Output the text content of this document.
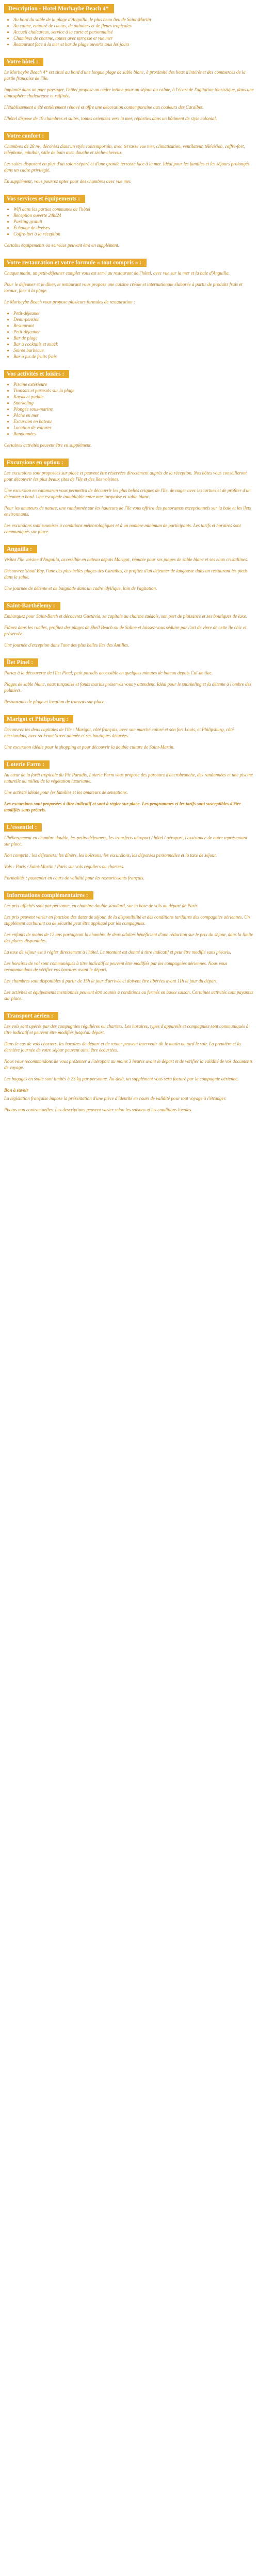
Description - Hotel Morbaybe Beach 4*
• Au bord du sable de la plage d'Anguilla, le plus beau lieu de Saint-Martin
• Au calme, entouré de cactus, de palmiers et de fleurs tropicales
• Accueil chaleureux, service à la carte et personnalisé
• Chambres de charme, toutes avec terrasse et vue mer
• Restaurant face à la mer et bar de plage ouverts tous les jours
Votre hôtel :

Le Morbaybe Beach 4* est situé au bord d'une longue plage de sable blanc, à proximité des lieux d'intérêt et des commerces de la partie française de l'île.

Implanté dans un parc paysager, l'hôtel propose un cadre intime pour un séjour au calme, à l'écart de l'agitation touristique, dans une atmosphère chaleureuse et raffinée.

L'établissement a été entièrement rénové et offre une décoration contemporaine aux couleurs des Caraïbes.

L'hôtel dispose de 19 chambres et suites, toutes orientées vers la mer, réparties dans un bâtiment de style colonial.

Votre confort :

Chambres de 28 m², décorées dans un style contemporain, avec terrasse vue mer, climatisation, ventilateur, télévision, coffre-fort, téléphone, minibar, salle de bain avec douche et sèche-cheveux.

Les suites disposent en plus d'un salon séparé et d'une grande terrasse face à la mer. Idéal pour les familles et les séjours prolongés dans un cadre privilégié.

En supplément, vous pourrez opter pour des chambres avec vue mer.

Vos services et équipements :
• Wifi dans les parties communes de l'hôtel
• Réception ouverte 24h/24
• Parking gratuit
• Échange de devises
• Coffre-fort à la réception

Certains équipements ou services peuvent être en supplément.

Votre restauration et votre formule « tout compris » :

Chaque matin, un petit-déjeuner complet vous est servi au restaurant de l'hôtel, avec vue sur la mer et la baie d'Anguilla.

Pour le déjeuner et le dîner, le restaurant vous propose une cuisine créole et internationale élaborée à partir de produits frais et locaux, face à la plage.

Le Morbaybe Beach vous propose plusieurs formules de restauration :

• Petit-déjeuner
• Demi-pension
• Restaurant
• Petit-déjeuner
• Bar de plage
• Bar à cocktails et snack
• Soirée barbecue
• Bar à jus de fruits frais
Vos activités et loisirs :
• Piscine extérieure
• Transats et parasols sur la plage
• Kayak et paddle
• Snorkeling
• Plongée sous-marine
• Pêche en mer
• Excursion en bateau
• Location de voitures
• Randonnées

Certaines activités peuvent être en supplément.

Excursions en option :

Les excursions sont proposées sur place et peuvent être réservées directement auprès de la réception. Nos hôtes vous conseilleront pour découvrir les plus beaux sites de l'île et des îles voisines.

Une excursion en catamaran vous permettra de découvrir les plus belles criques de l'île, de nager avec les tortues et de profiter d'un déjeuner à bord. Une escapade inoubliable entre mer turquoise et sable blanc.

Pour les amateurs de nature, une randonnée sur les hauteurs de l'île vous offrira des panoramas exceptionnels sur la baie et les îlets environnants.

Les excursions sont soumises à conditions météorologiques et à un nombre minimum de participants. Les tarifs et horaires sont communiqués sur place.

Anguilla :

Visitez l'île voisine d'Anguilla, accessible en bateau depuis Marigot, réputée pour ses plages de sable blanc et ses eaux cristallines.

Découvrez Shoal Bay, l'une des plus belles plages des Caraïbes, et profitez d'un déjeuner de langouste dans un restaurant les pieds dans le sable.

Une journée de détente et de baignade dans un cadre idyllique, loin de l'agitation.

Saint-Barthélemy :

Embarquez pour Saint-Barth et découvrez Gustavia, sa capitale au charme suédois, son port de plaisance et ses boutiques de luxe.

Flânez dans les ruelles, profitez des plages de Shell Beach ou de Saline et laissez-vous séduire par l'art de vivre de cette île chic et préservée.

Une journée d'exception dans l'une des plus belles îles des Antilles.

Îlet Pinel :

Partez à la découverte de l'îlet Pinel, petit paradis accessible en quelques minutes de bateau depuis Cul-de-Sac.

Plages de sable blanc, eaux turquoise et fonds marins préservés vous y attendent. Idéal pour le snorkeling et la détente à l'ombre des palmiers.

Restaurants de plage et location de transats sur place.

Marigot et Philipsburg :

Découvrez les deux capitales de l'île : Marigot, côté français, avec son marché coloré et son fort Louis, et Philipsburg, côté néerlandais, avec sa Front Street animée et ses boutiques détaxées.

Une excursion idéale pour le shopping et pour découvrir la double culture de Saint-Martin.

Loterie Farm :

Au cœur de la forêt tropicale du Pic Paradis, Loterie Farm vous propose des parcours d'accrobranche, des randonnées et une piscine naturelle au milieu de la végétation luxuriante.

Une activité idéale pour les familles et les amateurs de sensations.

Les excursions sont proposées à titre indicatif et sont à régler sur place. Les programmes et les tarifs sont susceptibles d'être modifiés sans préavis.

L'essentiel :

L'hébergement en chambre double, les petits-déjeuners, les transferts aéroport / hôtel / aéroport, l'assistance de notre représentant sur place.

Non compris : les déjeuners, les dîners, les boissons, les excursions, les dépenses personnelles et la taxe de séjour.

Vols : Paris / Saint-Martin / Paris sur vols réguliers ou charters.

Formalités : passeport en cours de validité pour les ressortissants français.

Informations complémentaires :

Les prix affichés sont par personne, en chambre double standard, sur la base de vols au départ de Paris.

Les prix peuvent varier en fonction des dates de séjour, de la disponibilité et des conditions tarifaires des compagnies aériennes. Un supplément carburant ou de sécurité peut être appliqué par les compagnies.

Les enfants de moins de 12 ans partageant la chambre de deux adultes bénéficient d'une réduction sur le prix du séjour, dans la limite des places disponibles.

La taxe de séjour est à régler directement à l'hôtel. Le montant est donné à titre indicatif et peut être modifié sans préavis.

Les horaires de vol sont communiqués à titre indicatif et peuvent être modifiés par les compagnies aériennes. Nous vous recommandons de vérifier vos horaires avant le départ.

Les chambres sont disponibles à partir de 15h le jour d'arrivée et doivent être libérées avant 11h le jour du départ.

Les activités et équipements mentionnés peuvent être soumis à conditions ou fermés en basse saison. Certaines activités sont payantes sur place.

Transport aérien :

Les vols sont opérés par des compagnies régulières ou charters. Les horaires, types d'appareils et compagnies sont communiqués à titre indicatif et peuvent être modifiés jusqu'au départ.

Dans le cas de vols charters, les horaires de départ et de retour peuvent intervenir tôt le matin ou tard le soir. La première et la dernière journée de votre séjour peuvent ainsi être écourtées.

Nous vous recommandons de vous présenter à l'aéroport au moins 3 heures avant le départ et de vérifier la validité de vos documents de voyage.

Les bagages en soute sont limités à 23 kg par personne. Au-delà, un supplément vous sera facturé par la compagnie aérienne.

Bon à savoir

La législation française impose la présentation d'une pièce d'identité en cours de validité pour tout voyage à l'étranger.

Photos non contractuelles. Les descriptions peuvent varier selon les saisons et les conditions locales.
